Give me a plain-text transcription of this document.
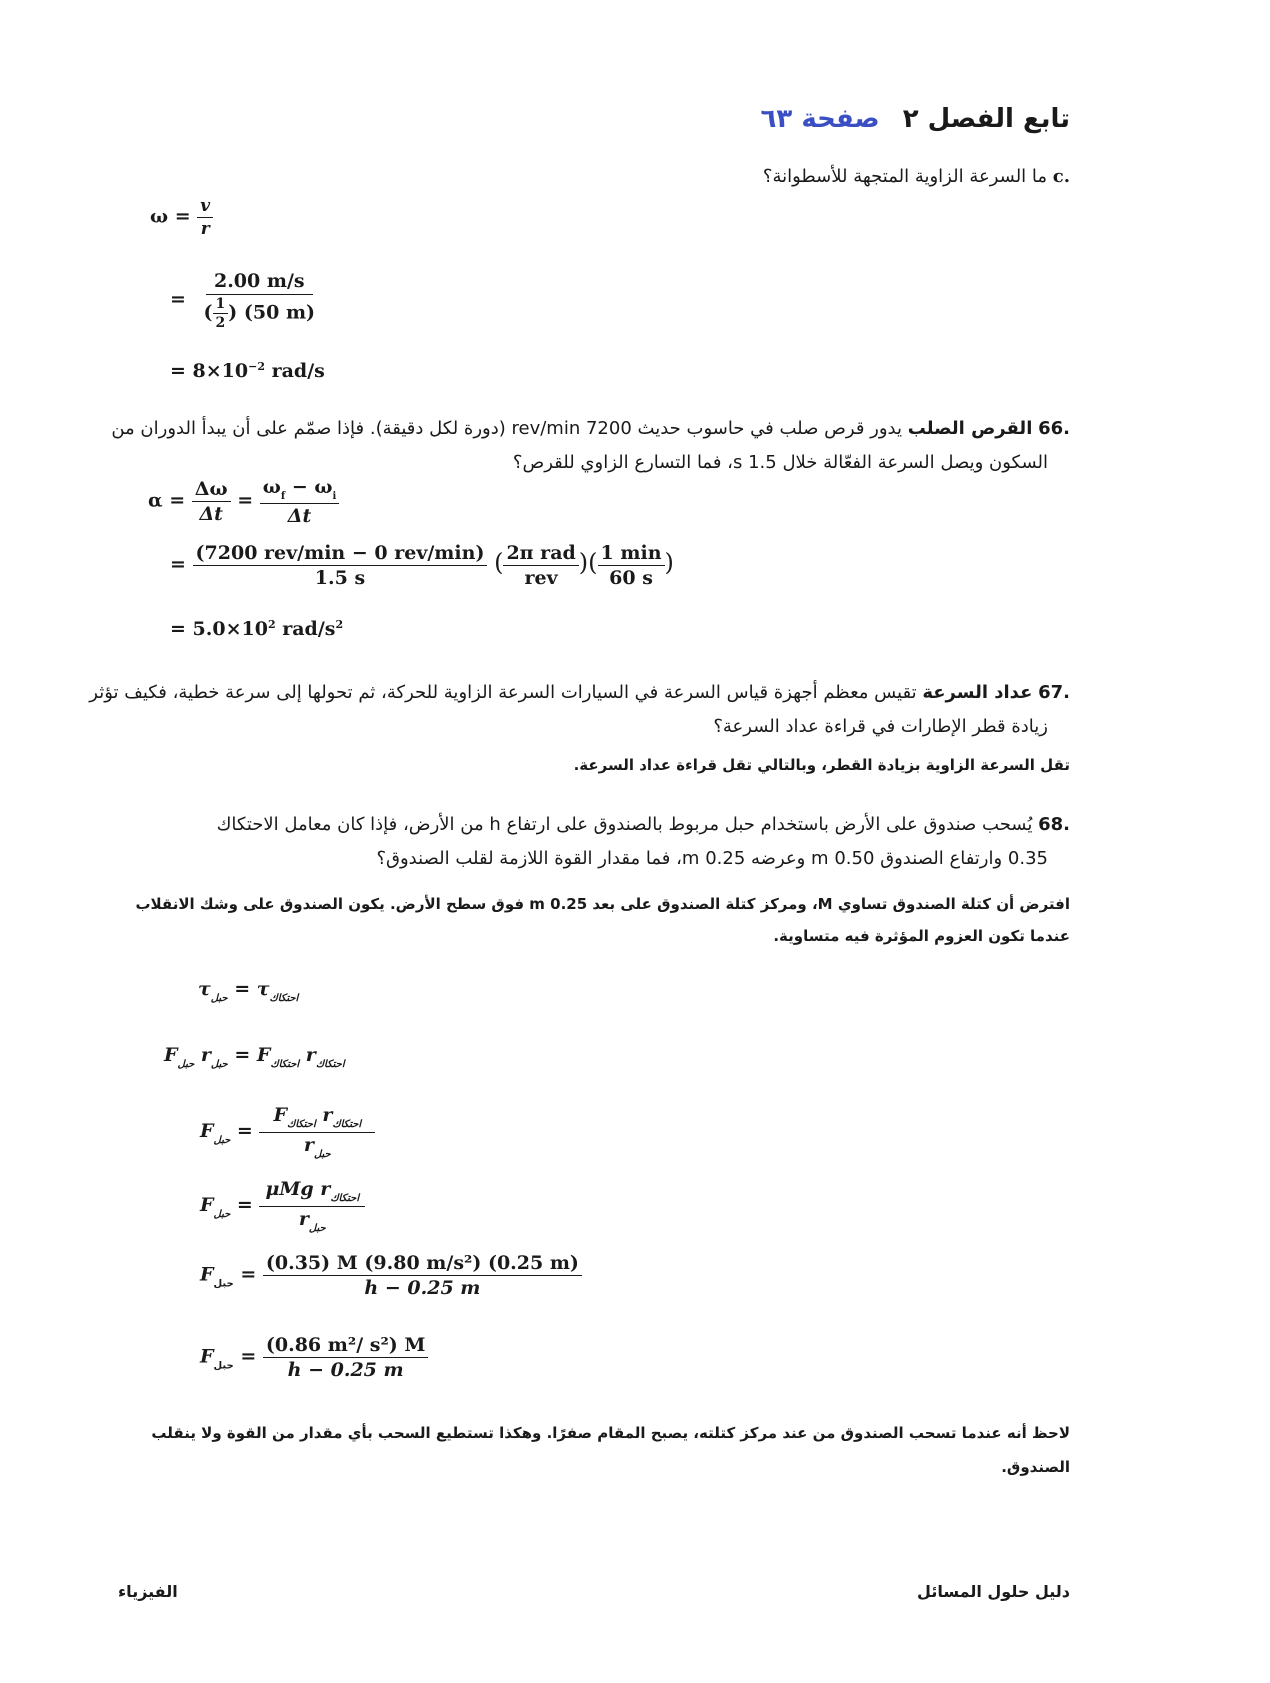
تابع الفصل ٢ صفحة ٦٣
c. ما السرعة الزاوية المتجهة للأسطوانة؟
$\omega = \frac{v}{r}$
= $\frac{2.00 m/s}{( \frac{1}{2} ) (50 m)}$
= $8\times 10^{-2}$ rad/s
66. القرص الصلب يدور قرص صلب في حاسوب حديث 7200 rev/min (دورة لكل دقيقة). فإذا صمّم على أن يبدأ الدوران من
السكون ويصل السرعة الفعّالة خلال 1.5 s، فما التسارع الزاوي للقرص؟
$\alpha = \frac{\Delta\omega}{\Delta t} = \frac{\omega_f - \omega_i}{\Delta t}$
= $\frac{\text{(7200 rev/min − 0 rev/min)}}{1.5 s}$ ( $\frac{\text{2π rad}}{\text{rev}}$ )( $\frac{1 \min}{60 s}$ )
= $5.0\times 10^2$ rad/$s^2$
67. عداد السرعة تقيس معظم أجهزة قياس السرعة في السيارات السرعة الزاوية للحركة، ثم تحولها إلى سرعة خطية، فكيف تؤثر
زيادة قطر الإطارات في قراءة عداد السرعة؟
تقل السرعة الزاوية بزيادة القطر، وبالتالي تقل قراءة عداد السرعة.
68. يُسحب صندوق على الأرض باستخدام حبل مربوط بالصندوق على ارتفاع h من الأرض، فإذا كان معامل الاحتكاك
0.35 وارتفاع الصندوق 0.50 m وعرضه 0.25 m، فما مقدار القوة اللازمة لقلب الصندوق؟
افترض أن كتلة الصندوق تساوي M، ومركز كتلة الصندوق على بعد 0.25 m فوق سطح الأرض. يكون الصندوق على وشك الانقلاب
عندما تكون العزوم المؤثرة فيه متساوية.
$\tau_{حبل} = \tau_{احتكاك}$
$F_{حبل}$ $r_{حبل} = F_{احتكاك}$ $r_{احتكاك}$
$F_{حبل} = \frac{F_{احتكاك} r_{احتكاك}}{r_{حبل}}$
$F_{حبل} = \frac{\mu Mg r_{احتكاك}}{r_{حبل}}$
$F_{حبل} = \frac{\text{(0.35) M (9.80 m/s²) (0.25 m)}}{h - 0.25 m}$
$F_{حبل} = \frac{\text{(0.86 m²/ s²) M}}{h - 0.25 m}$
لاحظ أنه عندما تسحب الصندوق من عند مركز كتلته، يصبح المقام صفرًا. وهكذا تستطيع السحب بأي مقدار من القوة ولا ينقلب
الصندوق.
دليل حلول المسائل
الفيزياء
